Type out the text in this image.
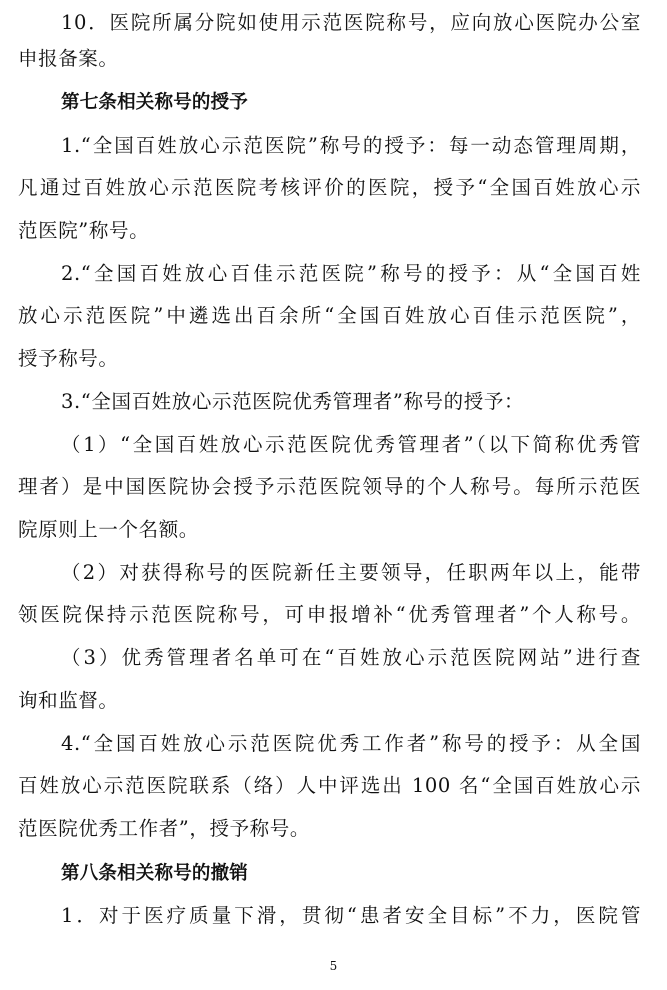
10．医院所属分院如使用示范医院称号，应向放心医院办公室
申报备案。
第七条相关称号的授予
1.“全国百姓放心示范医院”称号的授予：每一动态管理周期，
凡通过百姓放心示范医院考核评价的医院，授予“全国百姓放心示
范医院”称号。
2.“全国百姓放心百佳示范医院”称号的授予：从“全国百姓
放心示范医院”中遴选出百余所“全国百姓放心百佳示范医院”，
授予称号。
3.“全国百姓放心示范医院优秀管理者”称号的授予：
（1）“全国百姓放心示范医院优秀管理者”（以下简称优秀管
理者）是中国医院协会授予示范医院领导的个人称号。每所示范医
院原则上一个名额。
（2）对获得称号的医院新任主要领导，任职两年以上，能带
领医院保持示范医院称号，可申报增补“优秀管理者”个人称号。
（3）优秀管理者名单可在“百姓放心示范医院网站”进行查
询和监督。
4.“全国百姓放心示范医院优秀工作者”称号的授予：从全国
百姓放心示范医院联系（络）人中评选出 100 名“全国百姓放心示
范医院优秀工作者”，授予称号。
第八条相关称号的撤销
1．对于医疗质量下滑，贯彻“患者安全目标”不力，医院管
5
